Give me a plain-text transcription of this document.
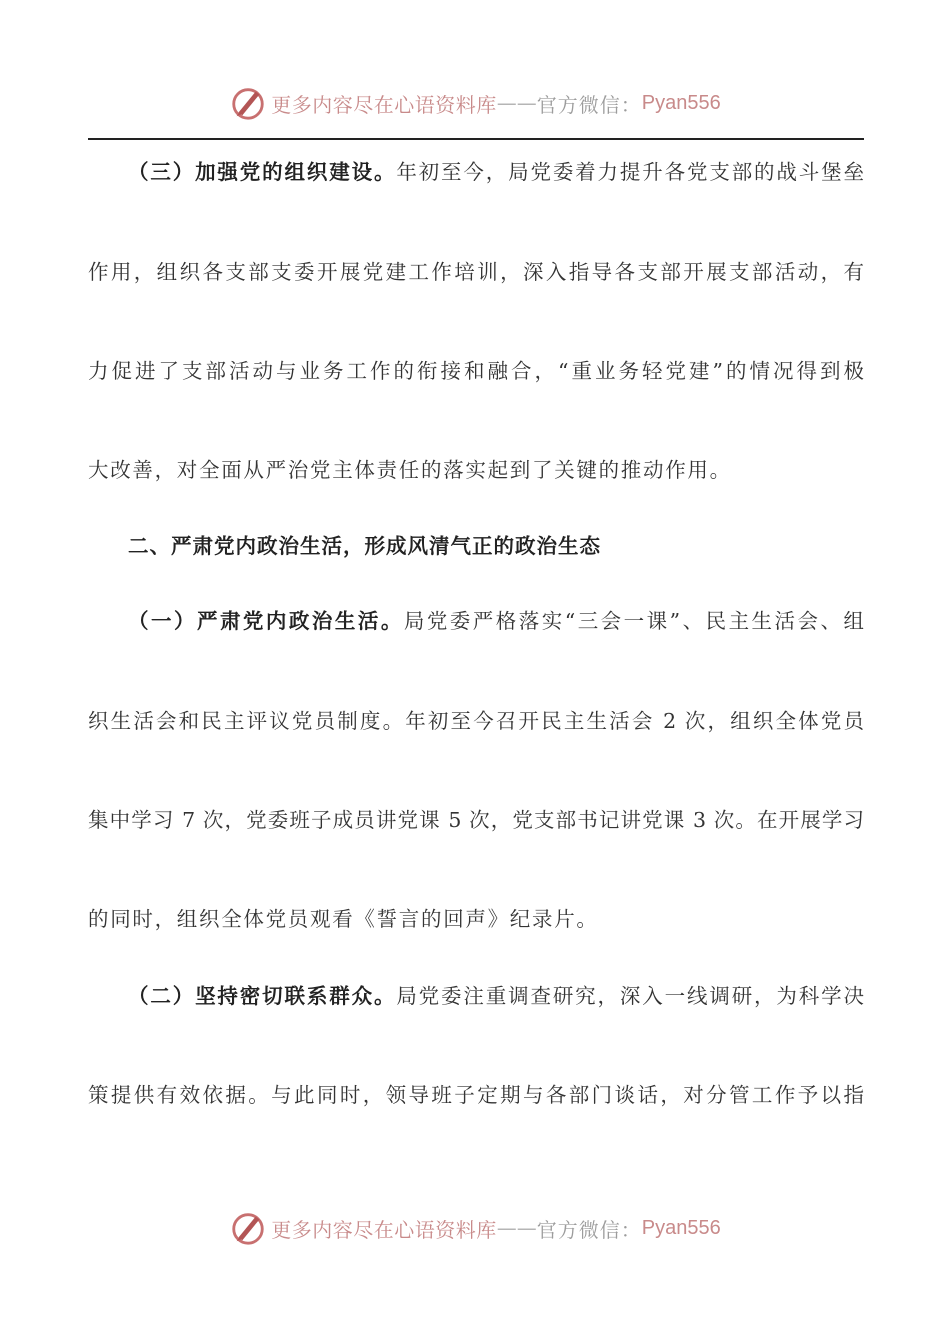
更多内容尽在心语资料库 —— 官方微信： Pyan556
（三）加强党的组织建设。年初至今，局党委着力提升各党支部的战斗堡垒
作用，组织各支部支委开展党建工作培训，深入指导各支部开展支部活动，有
力促进了支部活动与业务工作的衔接和融合，“重业务轻党建”的情况得到极
大改善，对全面从严治党主体责任的落实起到了关键的推动作用。
二、严肃党内政治生活，形成风清气正的政治生态
（一）严肃党内政治生活。局党委严格落实“三会一课”、民主生活会、组
织生活会和民主评议党员制度。年初至今召开民主生活会 2 次，组织全体党员
集中学习 7 次，党委班子成员讲党课 5 次，党支部书记讲党课 3 次。在开展学习
的同时，组织全体党员观看《誓言的回声》纪录片。
（二）坚持密切联系群众。局党委注重调查研究，深入一线调研，为科学决
策提供有效依据。与此同时，领导班子定期与各部门谈话，对分管工作予以指
更多内容尽在心语资料库 —— 官方微信： Pyan556
